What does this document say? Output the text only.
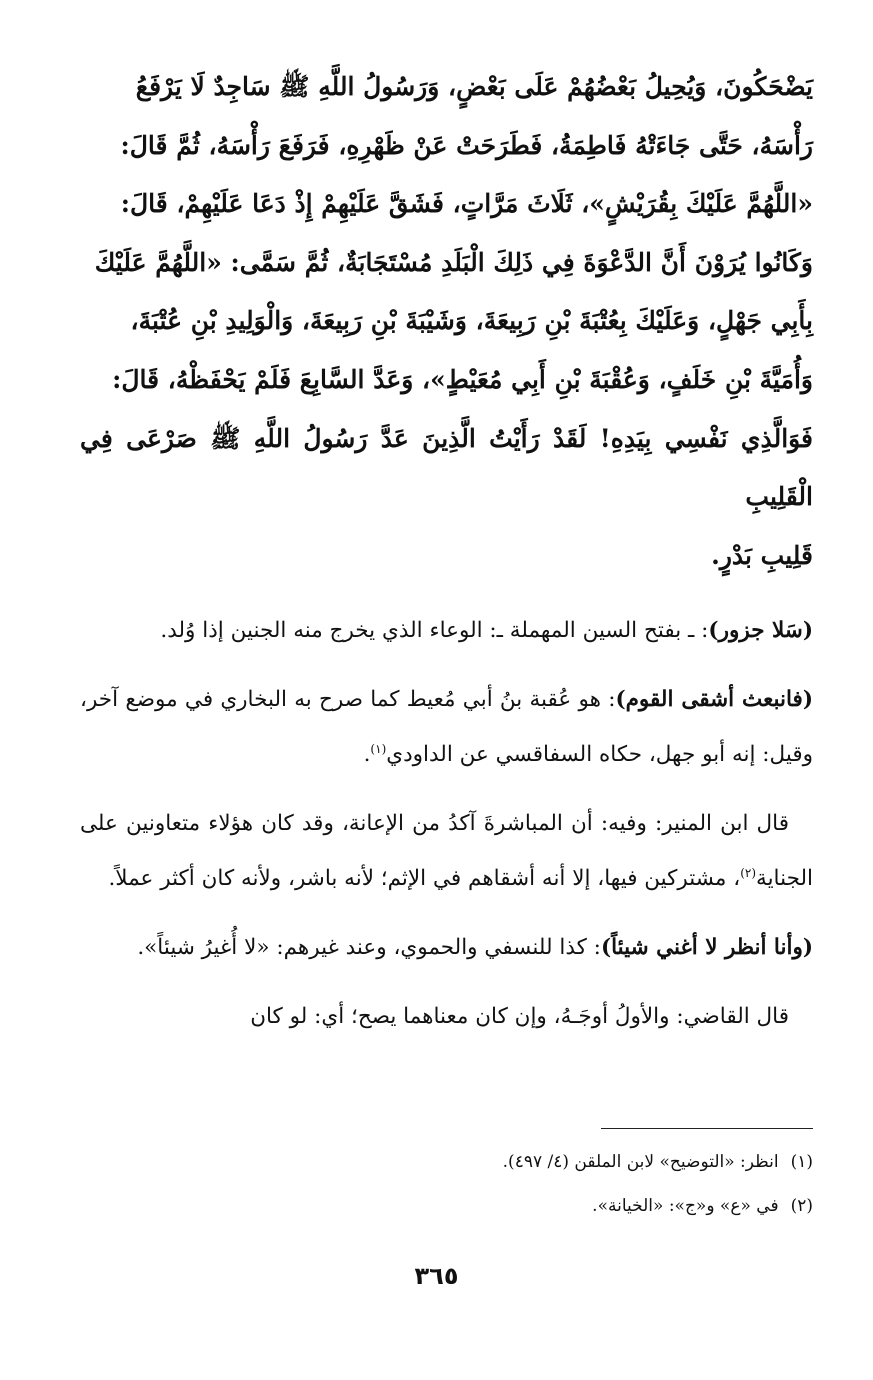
يَضْحَكُونَ، وَيُحِيلُ بَعْضُهُمْ عَلَى بَعْضٍ، وَرَسُولُ اللَّهِ ﷺ سَاجِدٌ لَا يَرْفَعُ

رَأْسَهُ، حَتَّى جَاءَتْهُ فَاطِمَةُ، فَطَرَحَتْ عَنْ ظَهْرِهِ، فَرَفَعَ رَأْسَهُ، ثُمَّ قَالَ:

«اللَّهُمَّ عَلَيْكَ بِقُرَيْشٍ»، ثَلَاثَ مَرَّاتٍ، فَشَقَّ عَلَيْهِمْ إِذْ دَعَا عَلَيْهِمْ، قَالَ:

وَكَانُوا يُرَوْنَ أَنَّ الدَّعْوَةَ فِي ذَلِكَ الْبَلَدِ مُسْتَجَابَةٌ، ثُمَّ سَمَّى: «اللَّهُمَّ عَلَيْكَ

بِأَبِي جَهْلٍ، وَعَلَيْكَ بِعُتْبَةَ بْنِ رَبِيعَةَ، وَشَيْبَةَ بْنِ رَبِيعَةَ، وَالْوَلِيدِ بْنِ عُتْبَةَ،

وَأُمَيَّةَ بْنِ خَلَفٍ، وَعُقْبَةَ بْنِ أَبِي مُعَيْطٍ»، وَعَدَّ السَّابِعَ فَلَمْ يَحْفَظْهُ، قَالَ:

فَوَالَّذِي نَفْسِي بِيَدِهِ! لَقَدْ رَأَيْتُ الَّذِينَ عَدَّ رَسُولُ اللَّهِ ﷺ صَرْعَى فِي الْقَلِيبِ

قَلِيبِ بَدْرٍ.

(سَلا جزور): ـ بفتح السين المهملة ـ: الوعاء الذي يخرج منه الجنين إذا وُلد.

(فانبعث أشقى القوم): هو عُقبة بنُ أبي مُعيط كما صرح به البخاري في موضع آخر، وقيل: إنه أبو جهل، حكاه السفاقسي عن الداودي$^{(١)}$.

قال ابن المنير: وفيه: أن المباشرةَ آكدُ من الإعانة، وقد كان هؤلاء متعاونين على الجناية$^{(٢)}$، مشتركين فيها، إلا أنه أشقاهم في الإثم؛ لأنه باشر، ولأنه كان أكثر عملاً.

(وأنا أنظر لا أغني شيئاً): كذا للنسفي والحموي، وعند غيرهم: «لا أُغيرُ شيئاً».

قال القاضي: والأولُ أوجَـهُ، وإن كان معناهما يصح؛ أي: لو كان

(١)انظر: «التوضيح» لابن الملقن (٤/ ٤٩٧).
(٢)في «ع» و«ج»: «الخيانة».
٣٦٥
